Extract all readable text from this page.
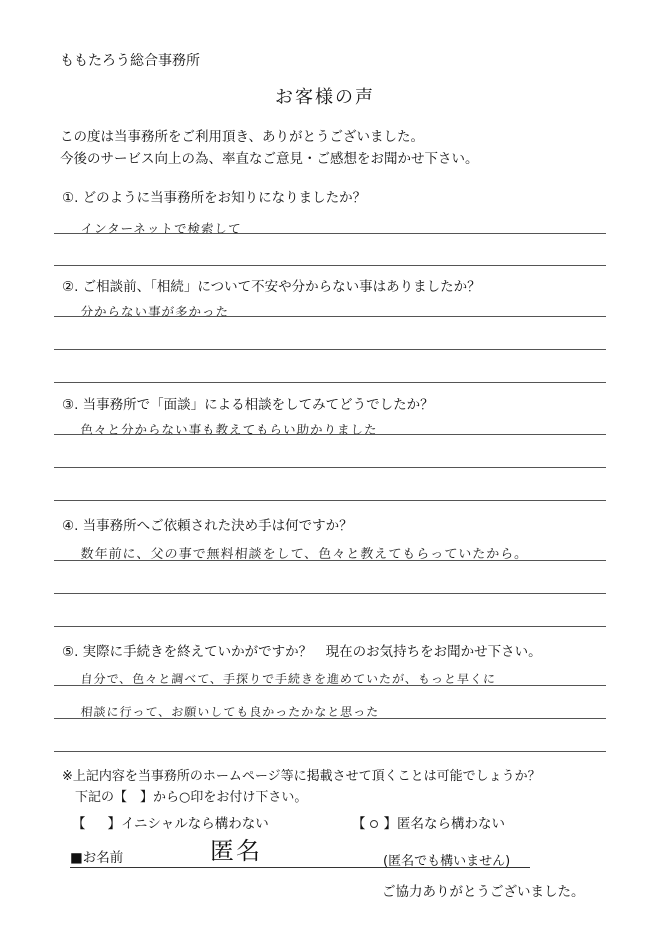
ももたろう総合事務所
お客様の声
この度は当事務所をご利用頂き、ありがとうございました。
今後のサービス向上の為、率直なご意見・ご感想をお聞かせ下さい。
①. どのように当事務所をお知りになりましたか？
インターネットで検索して
②. ご相談前、「相続」について不安や分からない事はありましたか？
分からない事が多かった
③. 当事務所で「面談」による相談をしてみてどうでしたか？
色々と分からない事も教えてもらい助かりました
④. 当事務所へご依頼された決め手は何ですか？
数年前に、父の事で無料相談をして、色々と教えてもらっていたから。
⑤. 実際に手続きを終えていかがですか？　現在のお気持ちをお聞かせ下さい。
自分で、色々と調べて、手探りで手続きを進めていたが、もっと早くに
相談に行って、お願いしても良かったかなと思った
※上記内容を当事務所のホームページ等に掲載させて頂くことは可能でしょうか？
下記の【　】から○印をお付け下さい。
【 】イニシャルなら構わない	【 】匿名なら構わない
■お名前	匿名	(匿名でも構いません)
ご協力ありがとうございました。
